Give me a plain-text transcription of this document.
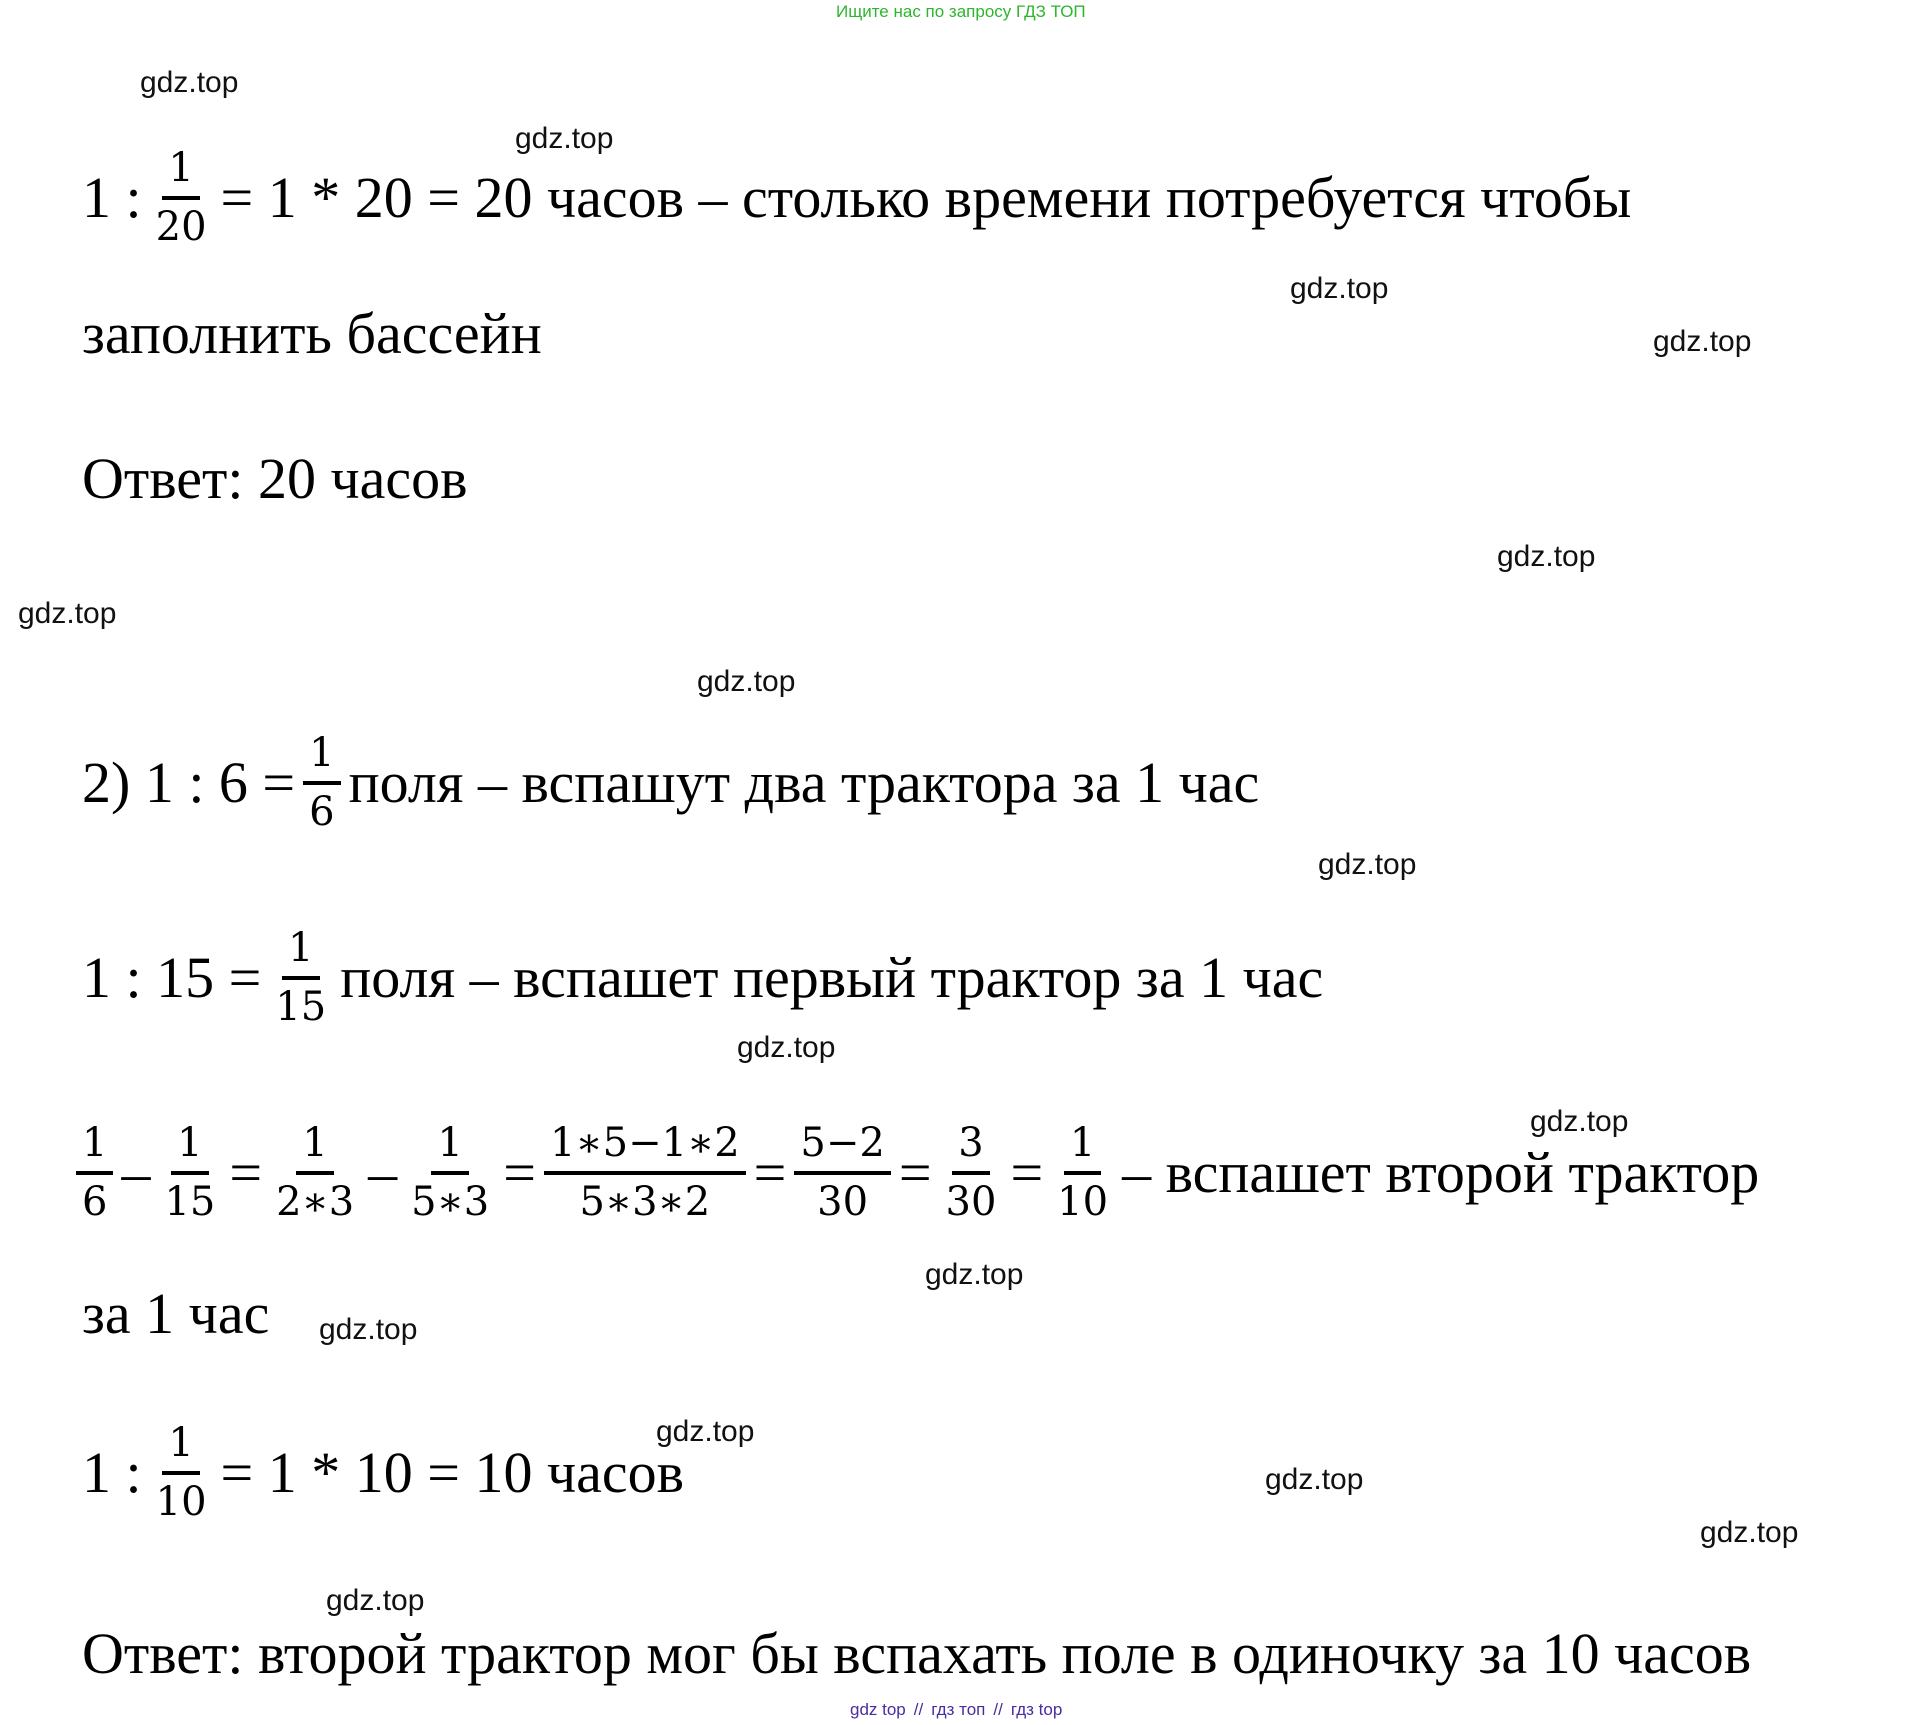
Ищите нас по запросу ГДЗ ТОП
gdz.top
gdz.top
gdz.top
gdz.top
gdz.top
gdz.top
gdz.top
gdz.top
gdz.top
gdz.top
gdz.top
gdz.top
gdz.top
gdz.top
gdz.top
gdz.top
1 : $\frac{1}{20} = 1 * 20 = 20$ часов – столько времени потребуется чтобы
заполнить бассейн
Ответ: 20 часов
2) 1 : $6 = \frac{1}{6}$ поля – вспашут два трактора за 1 час
1 : $15 = \frac{1}{15}$ поля – вспашет первый трактор за 1 час
$\frac{1}{6} - \frac{1}{15} = \frac{1}{2∗3} - \frac{1}{5∗3} = \frac{1∗5-1∗2}{5∗3∗2} = \frac{5-2}{30} = \frac{3}{30} = \frac{1}{10}$ – вспашет второй трактор
за 1 час
1 : $\frac{1}{10} = 1 * 10 = 10$ часов
Ответ: второй трактор мог бы вспахать поле в одиночку за 10 часов
gdz top // гдз топ // гдз top
